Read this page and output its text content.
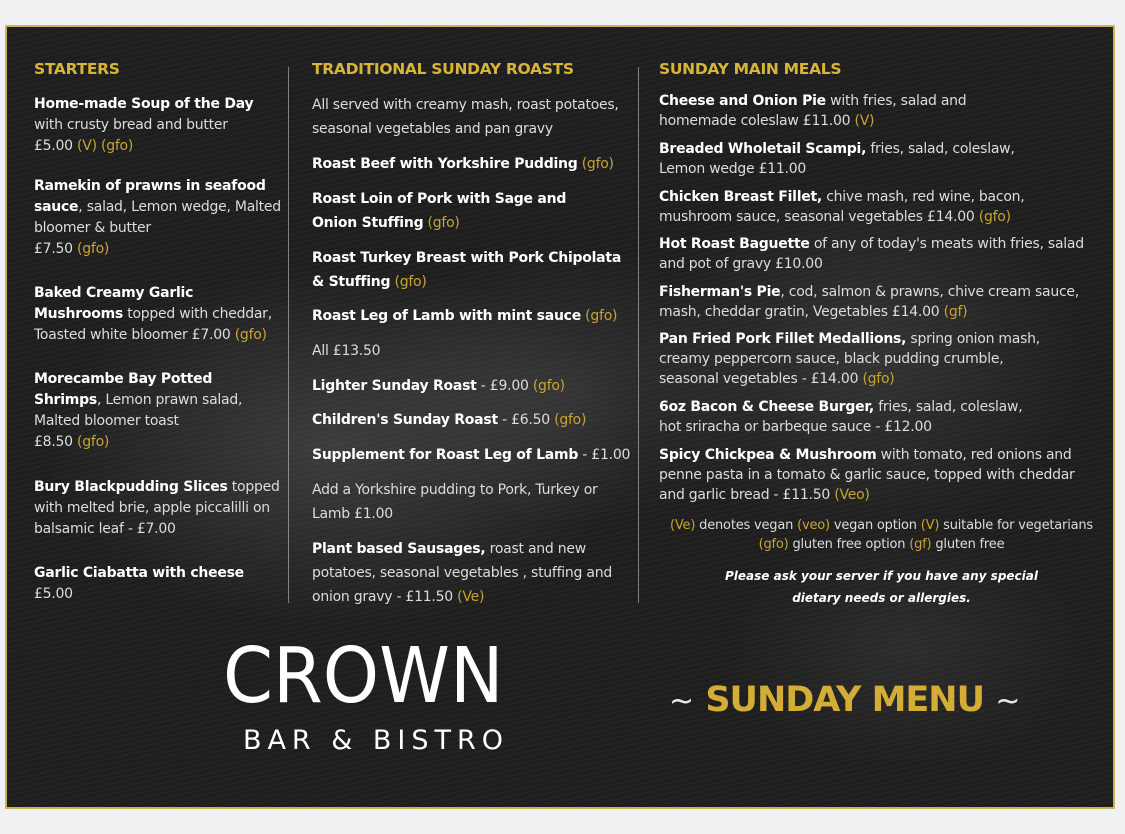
STARTERS
Home-made Soup of the Day
with crusty bread and butter
£5.00 (V) (gfo)
Ramekin of prawns in seafood sauce, salad, Lemon wedge, Malted bloomer & butter
£7.50 (gfo)
Baked Creamy Garlic Mushrooms topped with cheddar, Toasted white bloomer £7.00 (gfo)
Morecambe Bay Potted Shrimps, Lemon prawn salad, Malted bloomer toast
£8.50 (gfo)
Bury Blackpudding Slices topped with melted brie, apple piccalilli on balsamic leaf - £7.00
Garlic Ciabatta with cheese
£5.00
TRADITIONAL SUNDAY ROASTS
All served with creamy mash, roast potatoes, seasonal vegetables and pan gravy
Roast Beef with Yorkshire Pudding (gfo)
Roast Loin of Pork with Sage and Onion Stuffing (gfo)
Roast Turkey Breast with Pork Chipolata & Stuffing (gfo)
Roast Leg of Lamb with mint sauce (gfo)
All £13.50
Lighter Sunday Roast - £9.00 (gfo)
Children's Sunday Roast - £6.50 (gfo)
Supplement for Roast Leg of Lamb - £1.00
Add a Yorkshire pudding to Pork, Turkey or Lamb £1.00
Plant based Sausages, roast and new potatoes, seasonal vegetables , stuffing and onion gravy - £11.50 (Ve)
SUNDAY MAIN MEALS
Cheese and Onion Pie with fries, salad and homemade coleslaw £11.00 (V)
Breaded Wholetail Scampi, fries, salad, coleslaw, Lemon wedge £11.00
Chicken Breast Fillet, chive mash, red wine, bacon, mushroom sauce, seasonal vegetables £14.00 (gfo)
Hot Roast Baguette of any of today's meats with fries, salad and pot of gravy £10.00
Fisherman's Pie, cod, salmon & prawns, chive cream sauce, mash, cheddar gratin, Vegetables £14.00 (gf)
Pan Fried Pork Fillet Medallions, spring onion mash, creamy peppercorn sauce, black pudding crumble, seasonal vegetables - £14.00 (gfo)
6oz Bacon & Cheese Burger, fries, salad, coleslaw, hot sriracha or barbeque sauce - £12.00
Spicy Chickpea & Mushroom with tomato, red onions and penne pasta in a tomato & garlic sauce, topped with cheddar and garlic bread - £11.50 (Veo)
(Ve) denotes vegan (veo) vegan option (V) suitable for vegetarians
(gfo) gluten free option (gf) gluten free
Please ask your server if you have any special
dietary needs or allergies.
CROWN
BAR & BISTRO
~ SUNDAY MENU ~
